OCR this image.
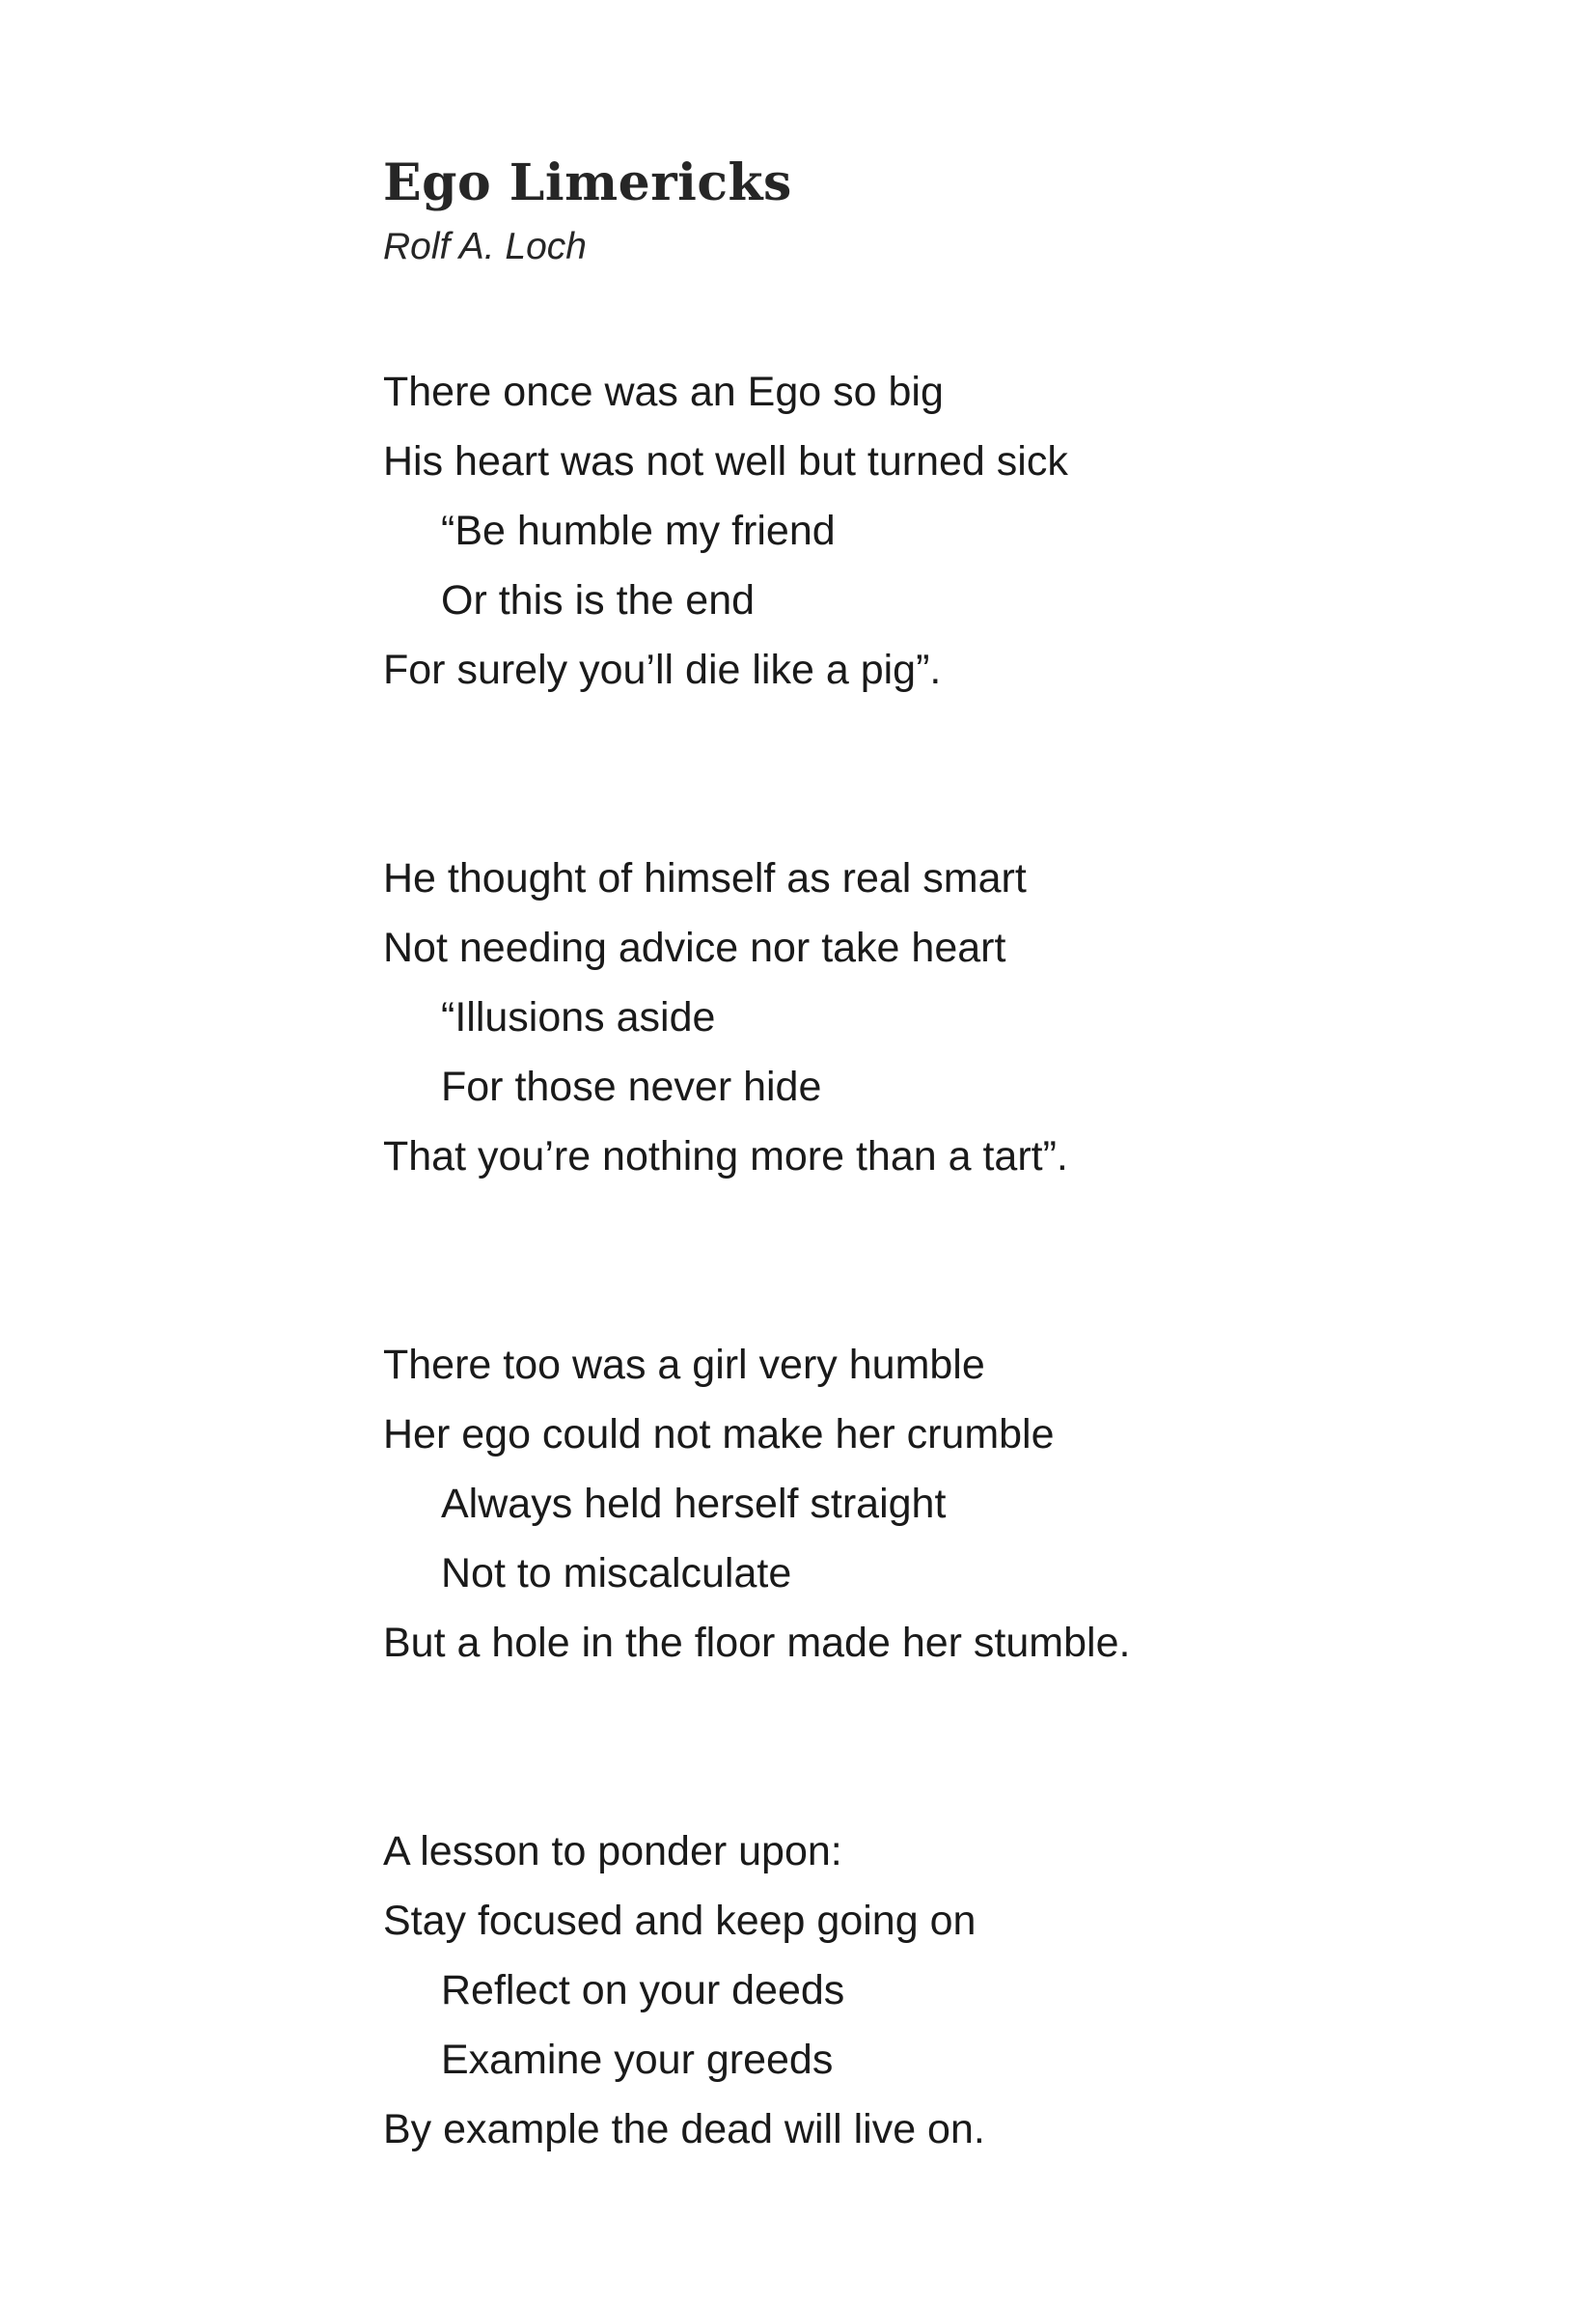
Ego Limericks

Rolf A. Loch

There once was an Ego so big
His heart was not well but turned sick
“Be humble my friend
Or this is the end
For surely you’ll die like a pig”.
He thought of himself as real smart
Not needing advice nor take heart
“Illusions aside
For those never hide
That you’re nothing more than a tart”.
There too was a girl very humble
Her ego could not make her crumble
Always held herself straight
Not to miscalculate
But a hole in the floor made her stumble.
A lesson to ponder upon:
Stay focused and keep going on
Reflect on your deeds
Examine your greeds
By example the dead will live on.
